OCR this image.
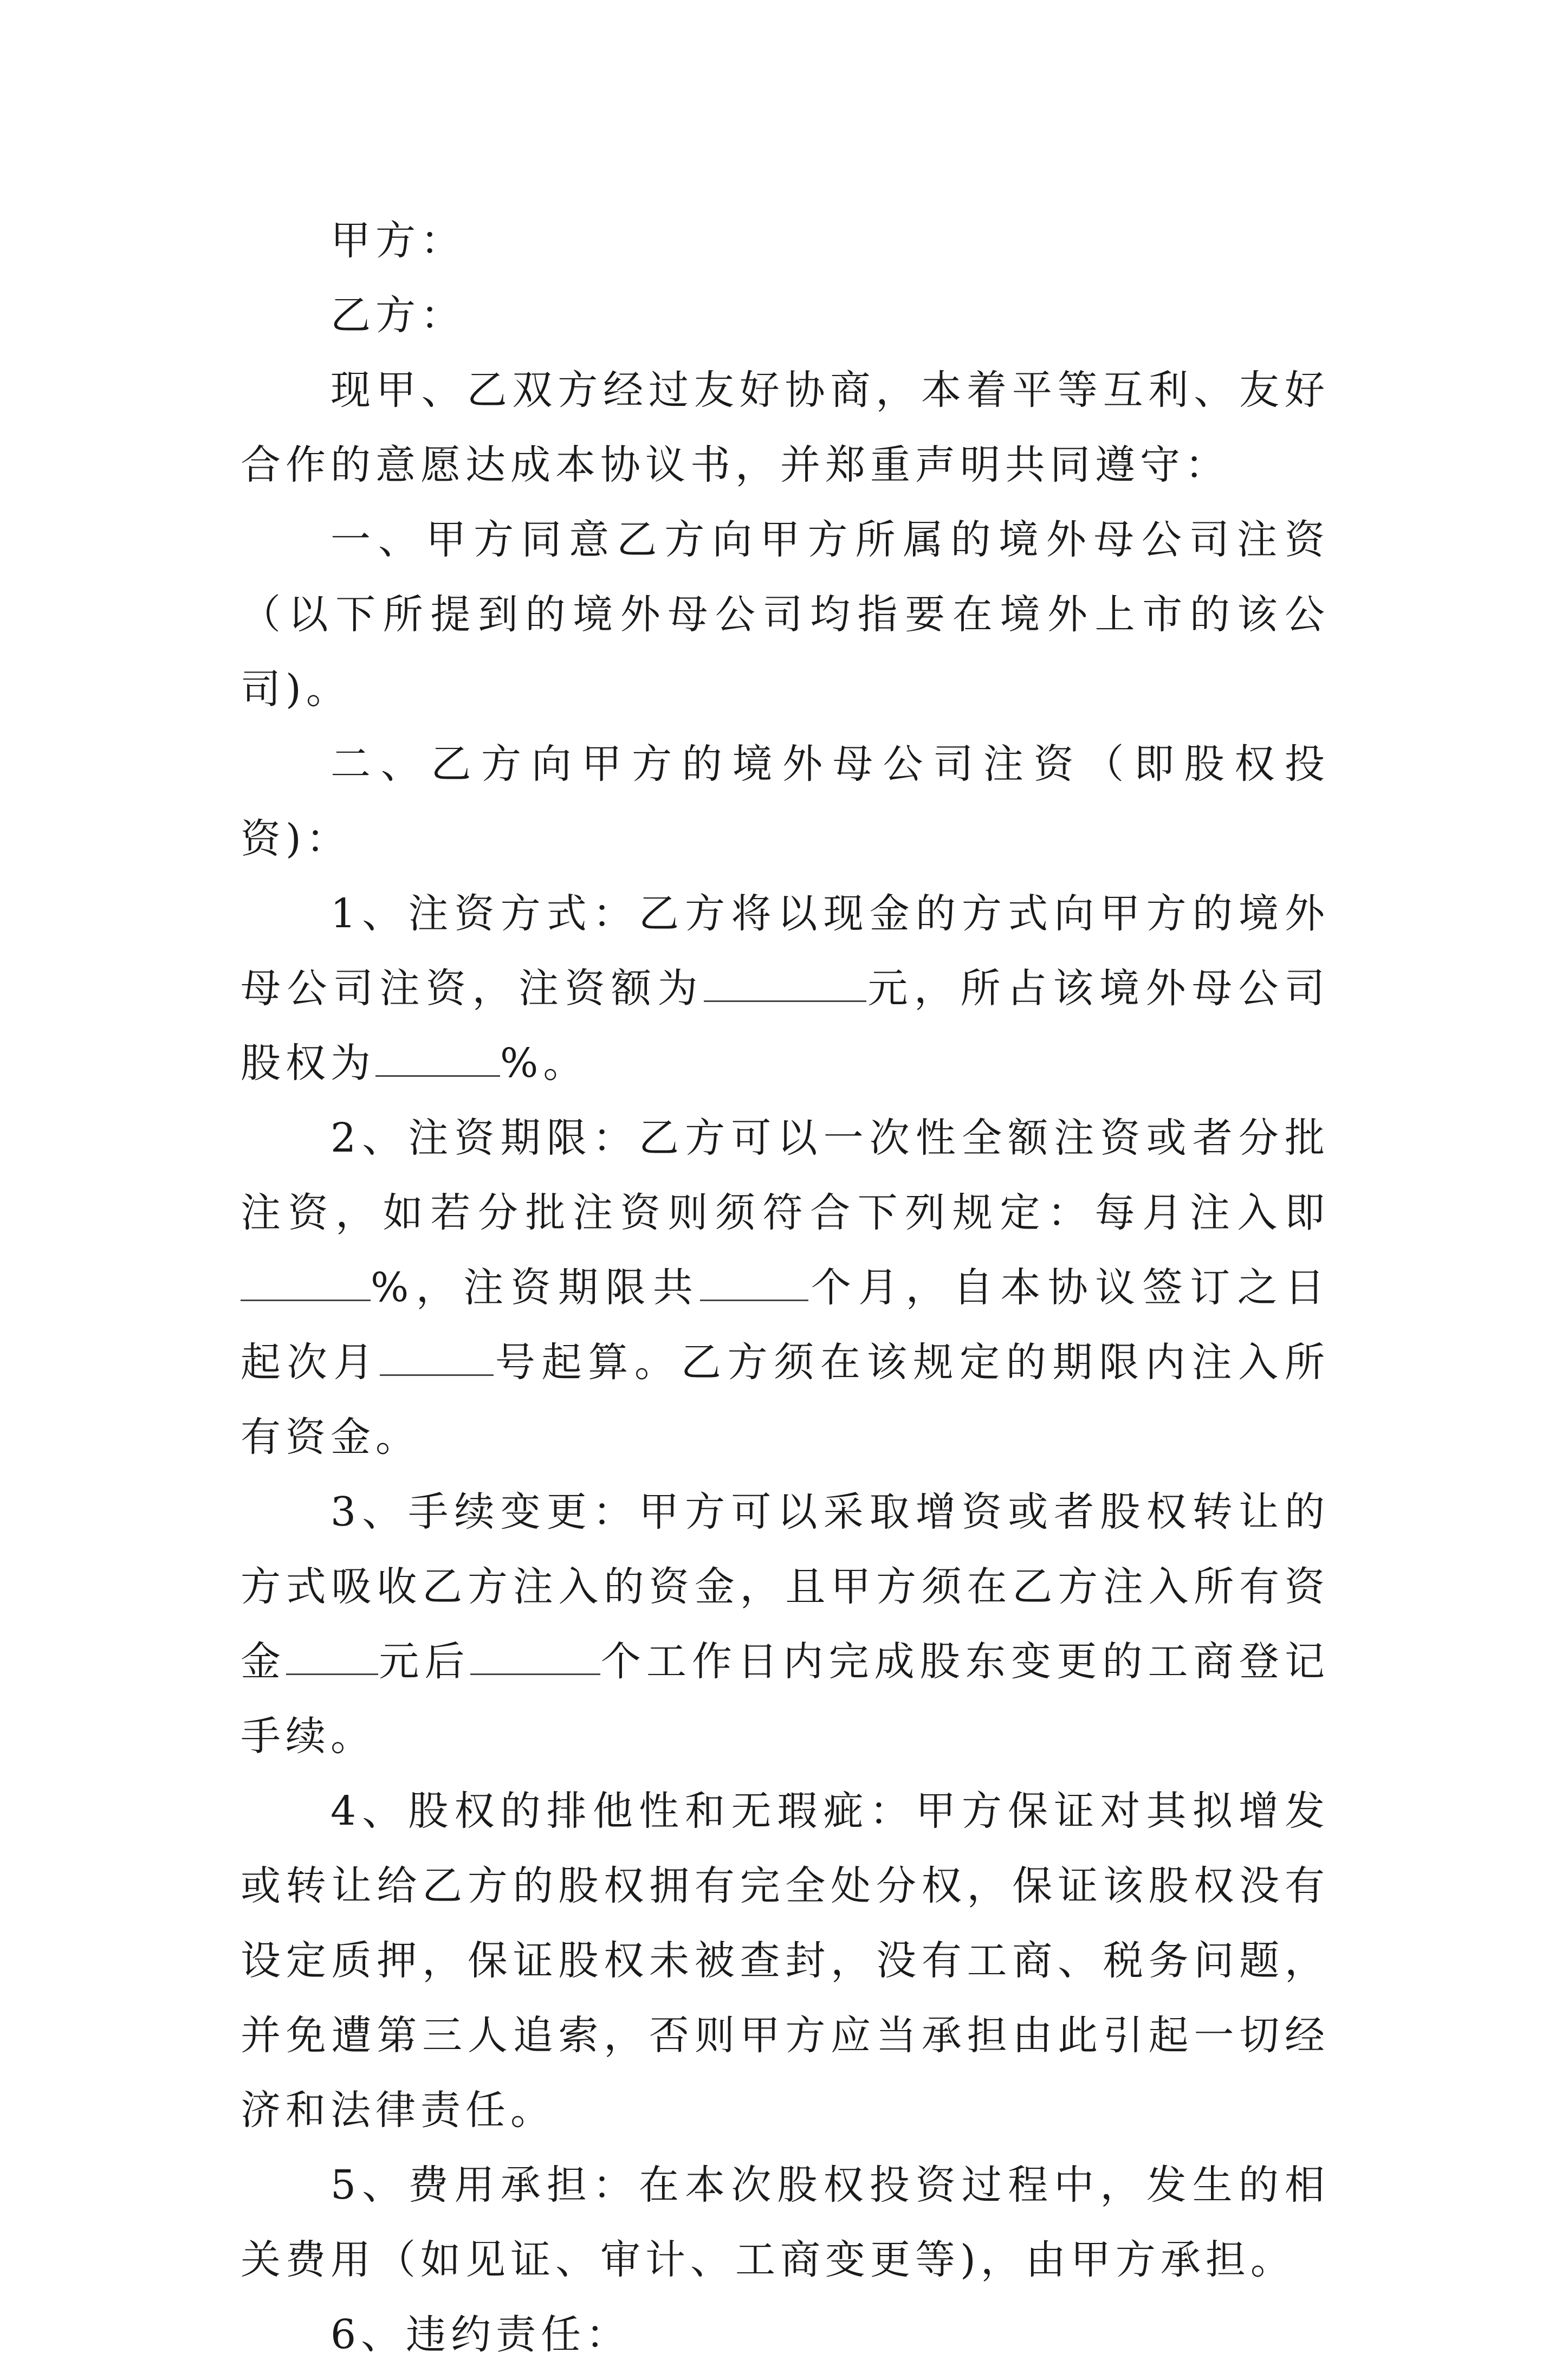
甲方：

乙方：

现甲、乙双方经过友好协商，本着平等互利、友好合作的意愿达成本协议书，并郑重声明共同遵守：

一、甲方同意乙方向甲方所属的境外母公司注资（以下所提到的境外母公司均指要在境外上市的该公司)。

二、乙方向甲方的境外母公司注资（即股权投资)：

1、注资方式：乙方将以现金的方式向甲方的境外母公司注资，注资额为	元，所占该境外母公司股权为	%。

2、注资期限：乙方可以一次性全额注资或者分批注资，如若分批注资则须符合下列规定：每月注入即%，注资期限共	个月，自本协议签订之日起次月	号起算。乙方须在该规定的期限内注入所有资金。

3、手续变更：甲方可以采取增资或者股权转让的方式吸收乙方注入的资金，且甲方须在乙方注入所有资金 元后	个工作日内完成股东变更的工商登记手续。

4、股权的排他性和无瑕疵：甲方保证对其拟增发或转让给乙方的股权拥有完全处分权，保证该股权没有设定质押，保证股权未被查封，没有工商、税务问题，并免遭第三人追索，否则甲方应当承担由此引起一切经济和法律责任。

5、费用承担：在本次股权投资过程中，发生的相关费用（如见证、审计、工商变更等)，由甲方承担。

6、违约责任：
